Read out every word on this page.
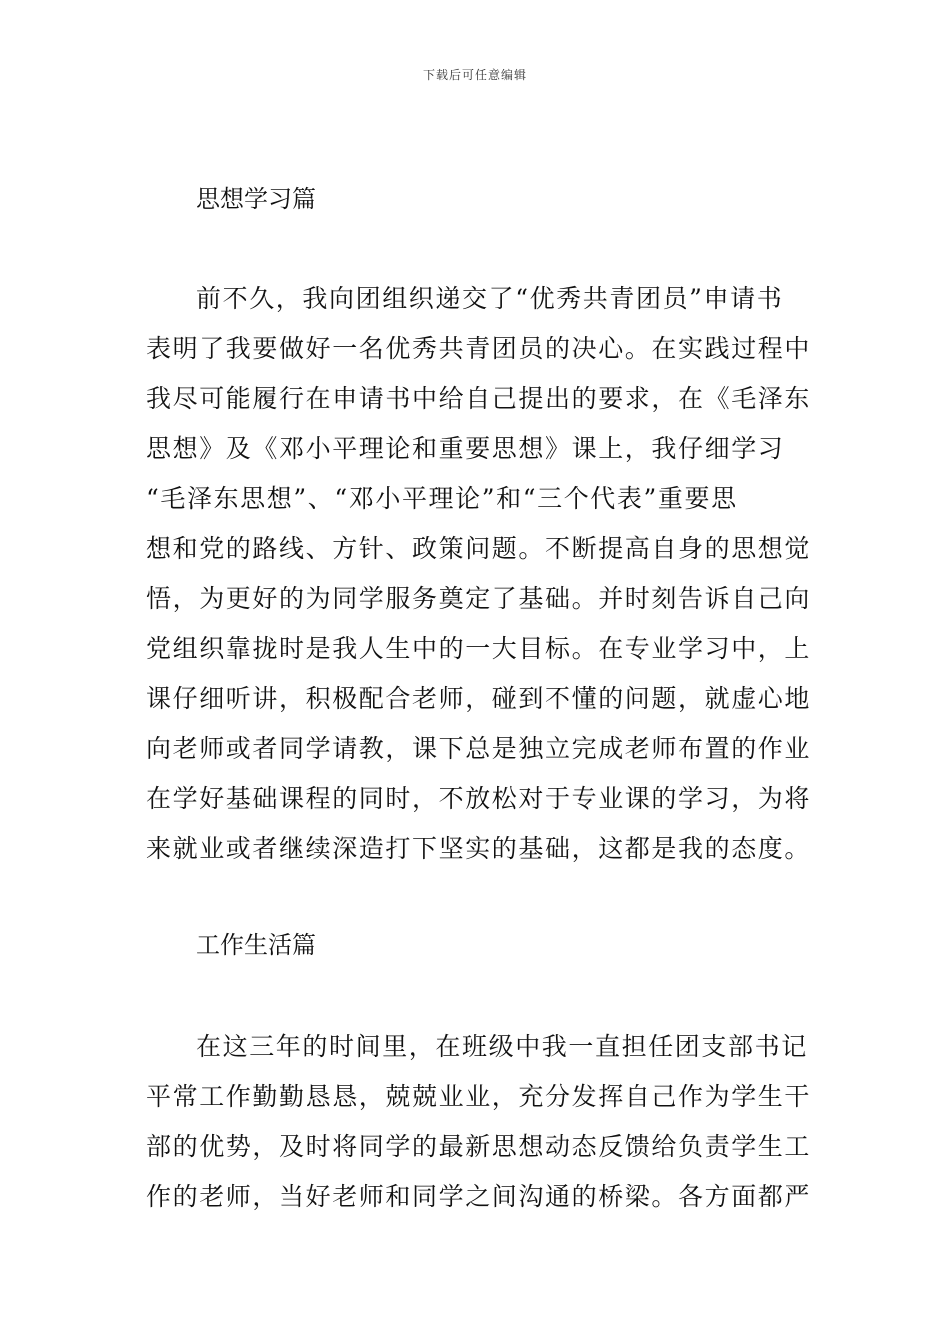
下载后可任意编辑
思想学习篇
前不久，我向团组织递交了“优秀共青团员”申请书
表明了我要做好一名优秀共青团员的决心。在实践过程中
我尽可能履行在申请书中给自己提出的要求，在《毛泽东
思想》及《邓小平理论和重要思想》课上，我仔细学习
“毛泽东思想”、“邓小平理论”和“三个代表”重要思
想和党的路线、方针、政策问题。不断提高自身的思想觉
悟，为更好的为同学服务奠定了基础。并时刻告诉自己向
党组织靠拢时是我人生中的一大目标。在专业学习中，上
课仔细听讲，积极配合老师，碰到不懂的问题，就虚心地
向老师或者同学请教，课下总是独立完成老师布置的作业
在学好基础课程的同时，不放松对于专业课的学习，为将
来就业或者继续深造打下坚实的基础，这都是我的态度。
工作生活篇
在这三年的时间里，在班级中我一直担任团支部书记
平常工作勤勤恳恳，兢兢业业，充分发挥自己作为学生干
部的优势，及时将同学的最新思想动态反馈给负责学生工
作的老师，当好老师和同学之间沟通的桥梁。各方面都严
